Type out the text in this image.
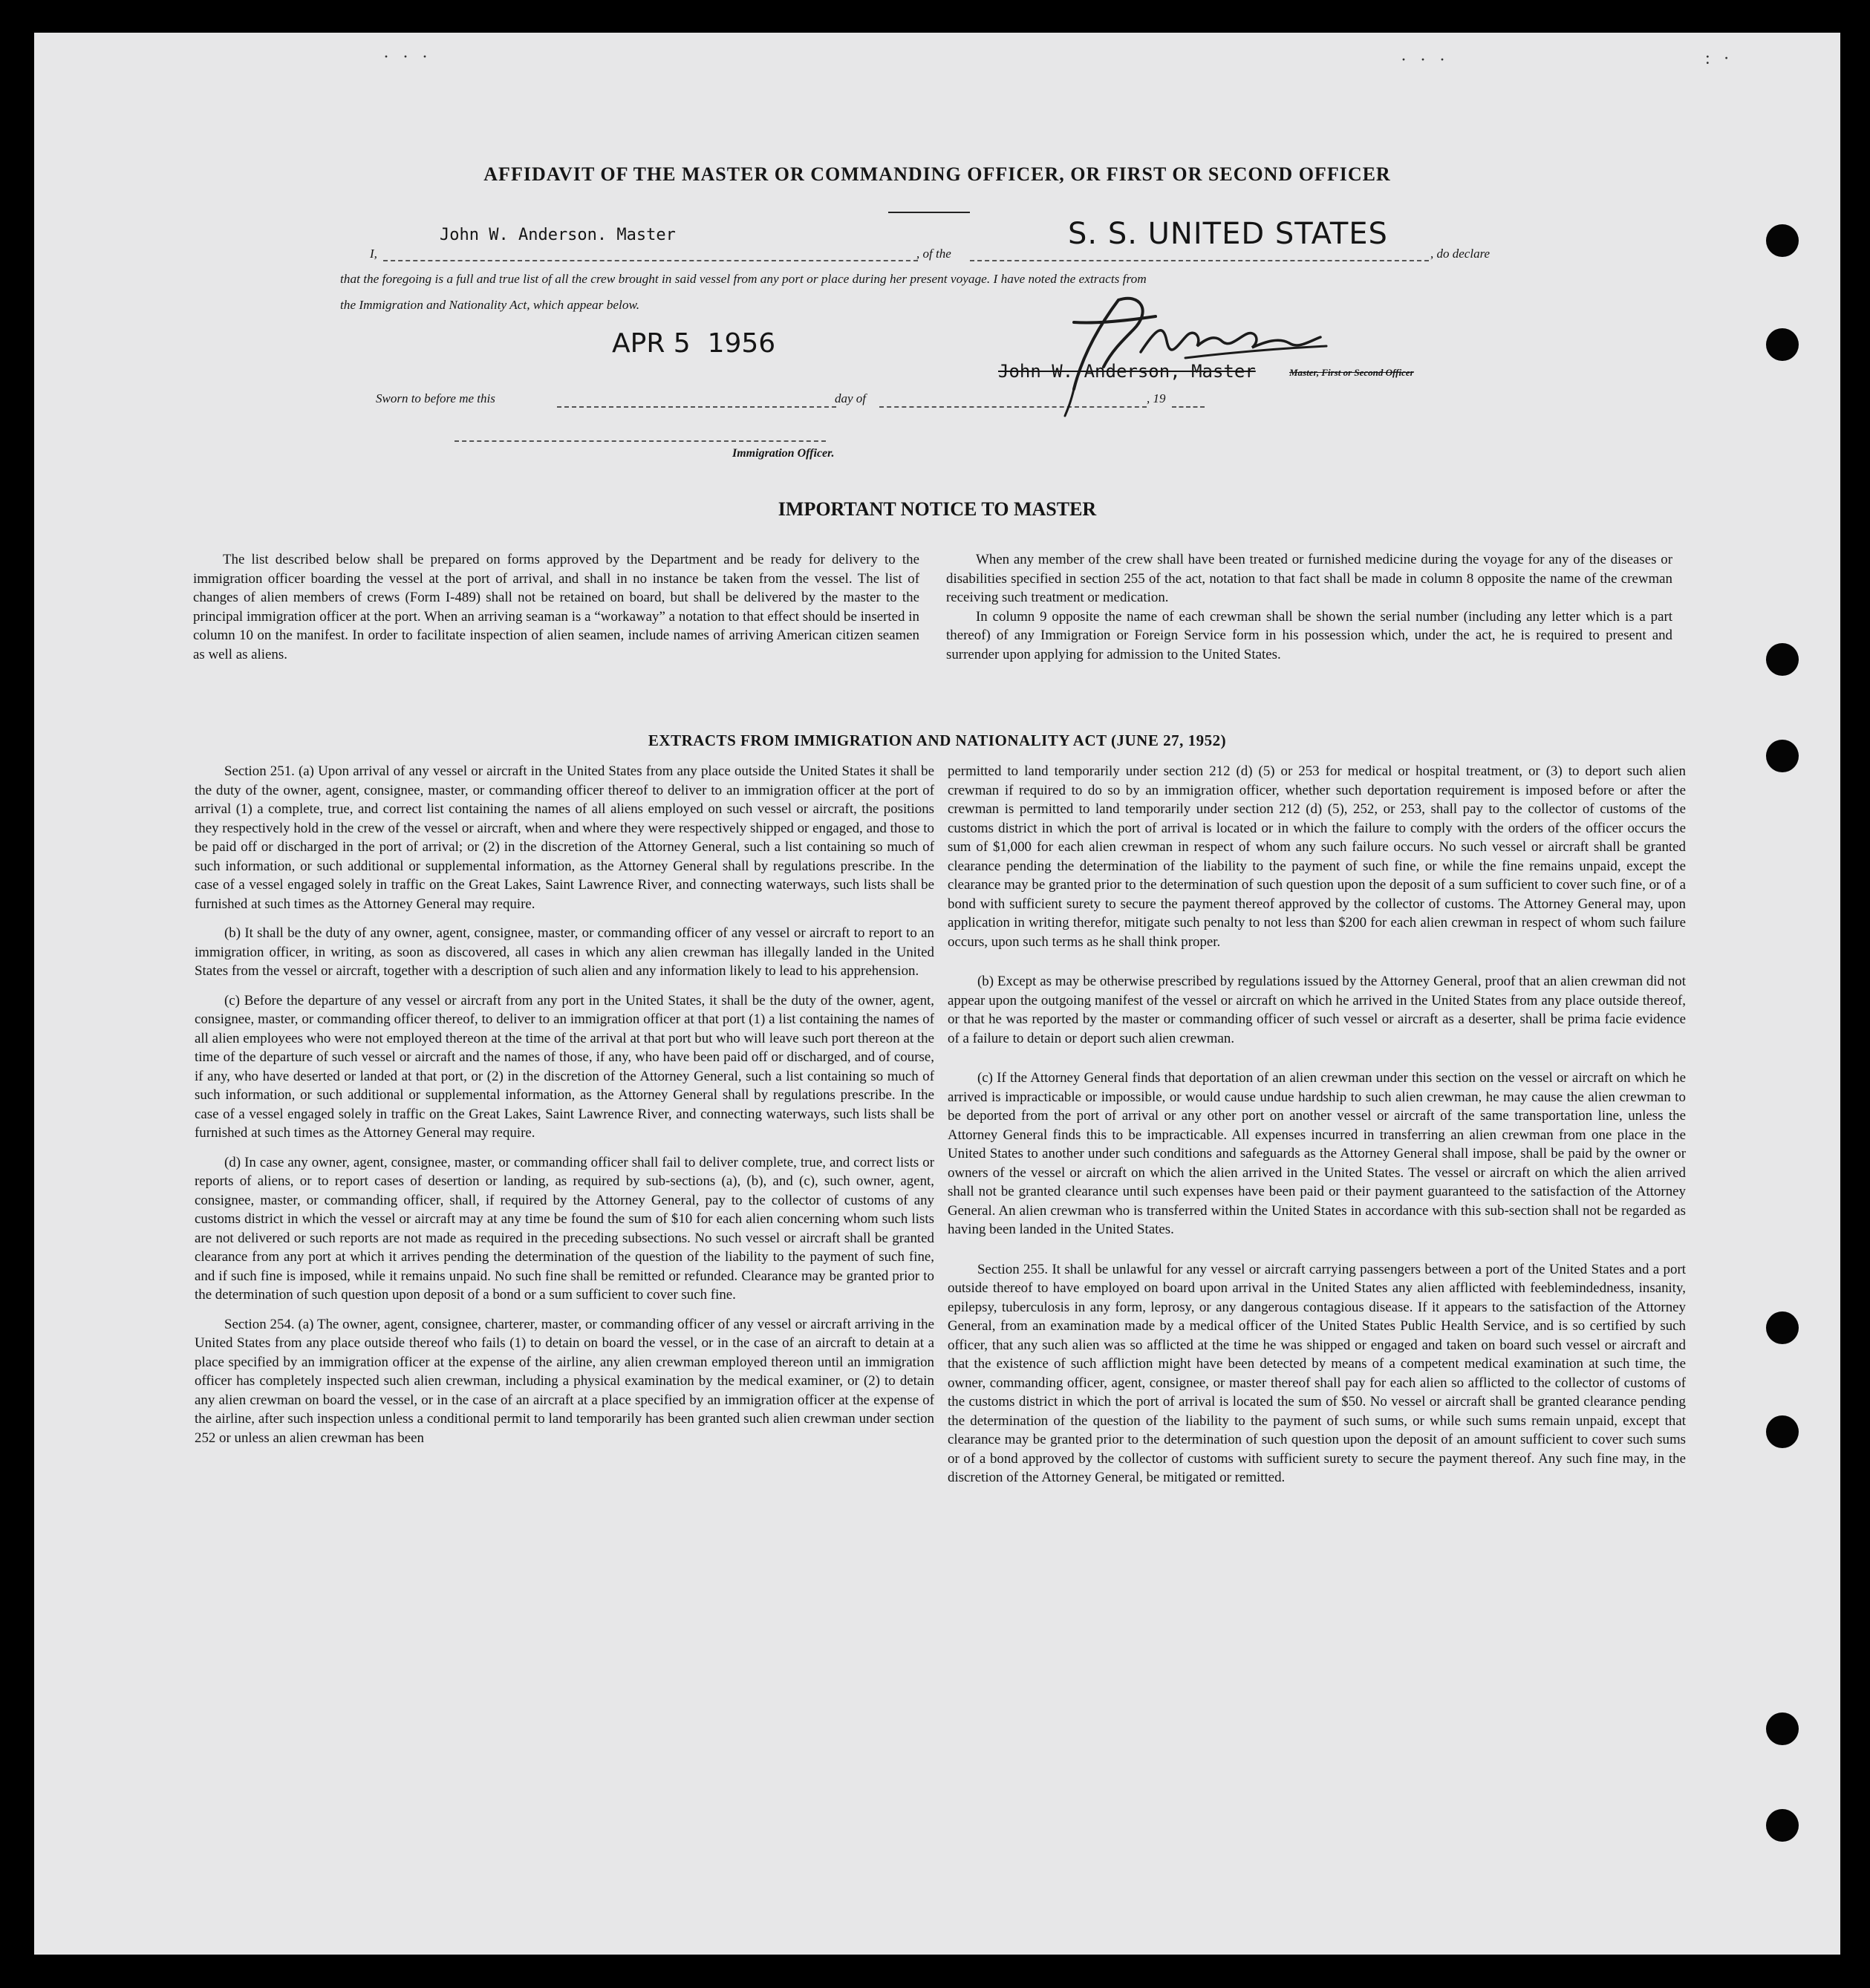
· · ·	· · ·	: ·
AFFIDAVIT OF THE MASTER OR COMMANDING OFFICER, OR FIRST OR SECOND OFFICER
I,
John W. Anderson. Master
, of the
S. S. UNITED STATES
, do declare
that the foregoing is a full and true list of all the crew brought in said vessel from any port or place during her present voyage. I have noted the extracts from
the Immigration and Nationality Act, which appear below.
Sworn to before me this
APR 5  1956
day of	, 19
John W. Anderson, Master	Master, First or Second Officer
Immigration Officer.
IMPORTANT NOTICE TO MASTER

The list described below shall be prepared on forms approved by the Department and be ready for delivery to the immigration officer boarding the vessel at the port of arrival, and shall in no instance be taken from the vessel. The list of changes of alien members of crews (Form I-489) shall not be retained on board, but shall be delivered by the master to the principal immigration officer at the port. When an arriving seaman is a “workaway” a notation to that effect should be inserted in column 10 on the manifest. In order to facilitate inspection of alien seamen, include names of arriving American citizen seamen as well as aliens.

When any member of the crew shall have been treated or furnished medicine during the voyage for any of the diseases or disabilities specified in section 255 of the act, notation to that fact shall be made in column 8 opposite the name of the crewman receiving such treatment or medication.

In column 9 opposite the name of each crewman shall be shown the serial number (including any letter which is a part thereof) of any Immigration or Foreign Service form in his possession which, under the act, he is required to present and surrender upon applying for admission to the United States.

EXTRACTS FROM IMMIGRATION AND NATIONALITY ACT (JUNE 27, 1952)

Section 251. (a) Upon arrival of any vessel or aircraft in the United States from any place outside the United States it shall be the duty of the owner, agent, consignee, master, or commanding officer thereof to deliver to an immigration officer at the port of arrival (1) a complete, true, and correct list containing the names of all aliens employed on such vessel or aircraft, the positions they respectively hold in the crew of the vessel or aircraft, when and where they were respectively shipped or engaged, and those to be paid off or discharged in the port of arrival; or (2) in the discretion of the Attorney General, such a list containing so much of such information, or such additional or supplemental information, as the Attorney General shall by regulations prescribe. In the case of a vessel engaged solely in traffic on the Great Lakes, Saint Lawrence River, and connecting waterways, such lists shall be furnished at such times as the Attorney General may require.

(b) It shall be the duty of any owner, agent, consignee, master, or commanding officer of any vessel or aircraft to report to an immigration officer, in writing, as soon as discovered, all cases in which any alien crewman has illegally landed in the United States from the vessel or aircraft, together with a description of such alien and any information likely to lead to his apprehension.

(c) Before the departure of any vessel or aircraft from any port in the United States, it shall be the duty of the owner, agent, consignee, master, or commanding officer thereof, to deliver to an immigration officer at that port (1) a list containing the names of all alien employees who were not employed thereon at the time of the arrival at that port but who will leave such port thereon at the time of the departure of such vessel or aircraft and the names of those, if any, who have been paid off or discharged, and of course, if any, who have deserted or landed at that port, or (2) in the discretion of the Attorney General, such a list containing so much of such information, or such additional or supplemental information, as the Attorney General shall by regulations prescribe. In the case of a vessel engaged solely in traffic on the Great Lakes, Saint Lawrence River, and connecting waterways, such lists shall be furnished at such times as the Attorney General may require.

(d) In case any owner, agent, consignee, master, or commanding officer shall fail to deliver complete, true, and correct lists or reports of aliens, or to report cases of desertion or landing, as required by sub-sections (a), (b), and (c), such owner, agent, consignee, master, or commanding officer, shall, if required by the Attorney General, pay to the collector of customs of any customs district in which the vessel or aircraft may at any time be found the sum of $10 for each alien concerning whom such lists are not delivered or such reports are not made as required in the preceding subsections. No such vessel or aircraft shall be granted clearance from any port at which it arrives pending the determination of the question of the liability to the payment of such fine, and if such fine is imposed, while it remains unpaid. No such fine shall be remitted or refunded. Clearance may be granted prior to the determination of such question upon deposit of a bond or a sum sufficient to cover such fine.

Section 254. (a) The owner, agent, consignee, charterer, master, or commanding officer of any vessel or aircraft arriving in the United States from any place outside thereof who fails (1) to detain on board the vessel, or in the case of an aircraft to detain at a place specified by an immigration officer at the expense of the airline, any alien crewman employed thereon until an immigration officer has completely inspected such alien crewman, including a physical examination by the medical examiner, or (2) to detain any alien crewman on board the vessel, or in the case of an aircraft at a place specified by an immigration officer at the expense of the airline, after such inspection unless a conditional permit to land temporarily has been granted such alien crewman under section 252 or unless an alien crewman has been

permitted to land temporarily under section 212 (d) (5) or 253 for medical or hospital treatment, or (3) to deport such alien crewman if required to do so by an immigration officer, whether such deportation requirement is imposed before or after the crewman is permitted to land temporarily under section 212 (d) (5), 252, or 253, shall pay to the collector of customs of the customs district in which the port of arrival is located or in which the failure to comply with the orders of the officer occurs the sum of $1,000 for each alien crewman in respect of whom any such failure occurs. No such vessel or aircraft shall be granted clearance pending the determination of the liability to the payment of such fine, or while the fine remains unpaid, except the clearance may be granted prior to the determination of such question upon the deposit of a sum sufficient to cover such fine, or of a bond with sufficient surety to secure the payment thereof approved by the collector of customs. The Attorney General may, upon application in writing therefor, mitigate such penalty to not less than $200 for each alien crewman in respect of whom such failure occurs, upon such terms as he shall think proper.

(b) Except as may be otherwise prescribed by regulations issued by the Attorney General, proof that an alien crewman did not appear upon the outgoing manifest of the vessel or aircraft on which he arrived in the United States from any place outside thereof, or that he was reported by the master or commanding officer of such vessel or aircraft as a deserter, shall be prima facie evidence of a failure to detain or deport such alien crewman.

(c) If the Attorney General finds that deportation of an alien crewman under this section on the vessel or aircraft on which he arrived is impracticable or impossible, or would cause undue hardship to such alien crewman, he may cause the alien crewman to be deported from the port of arrival or any other port on another vessel or aircraft of the same transportation line, unless the Attorney General finds this to be impracticable. All expenses incurred in transferring an alien crewman from one place in the United States to another under such conditions and safeguards as the Attorney General shall impose, shall be paid by the owner or owners of the vessel or aircraft on which the alien arrived in the United States. The vessel or aircraft on which the alien arrived shall not be granted clearance until such expenses have been paid or their payment guaranteed to the satisfaction of the Attorney General. An alien crewman who is transferred within the United States in accordance with this sub-section shall not be regarded as having been landed in the United States.

Section 255. It shall be unlawful for any vessel or aircraft carrying passengers between a port of the United States and a port outside thereof to have employed on board upon arrival in the United States any alien afflicted with feeblemindedness, insanity, epilepsy, tuberculosis in any form, leprosy, or any dangerous contagious disease. If it appears to the satisfaction of the Attorney General, from an examination made by a medical officer of the United States Public Health Service, and is so certified by such officer, that any such alien was so afflicted at the time he was shipped or engaged and taken on board such vessel or aircraft and that the existence of such affliction might have been detected by means of a competent medical examination at such time, the owner, commanding officer, agent, consignee, or master thereof shall pay for each alien so afflicted to the collector of customs of the customs district in which the port of arrival is located the sum of $50. No vessel or aircraft shall be granted clearance pending the determination of the question of the liability to the payment of such sums, or while such sums remain unpaid, except that clearance may be granted prior to the determination of such question upon the deposit of an amount sufficient to cover such sums or of a bond approved by the collector of customs with sufficient surety to secure the payment thereof. Any such fine may, in the discretion of the Attorney General, be mitigated or remitted.
